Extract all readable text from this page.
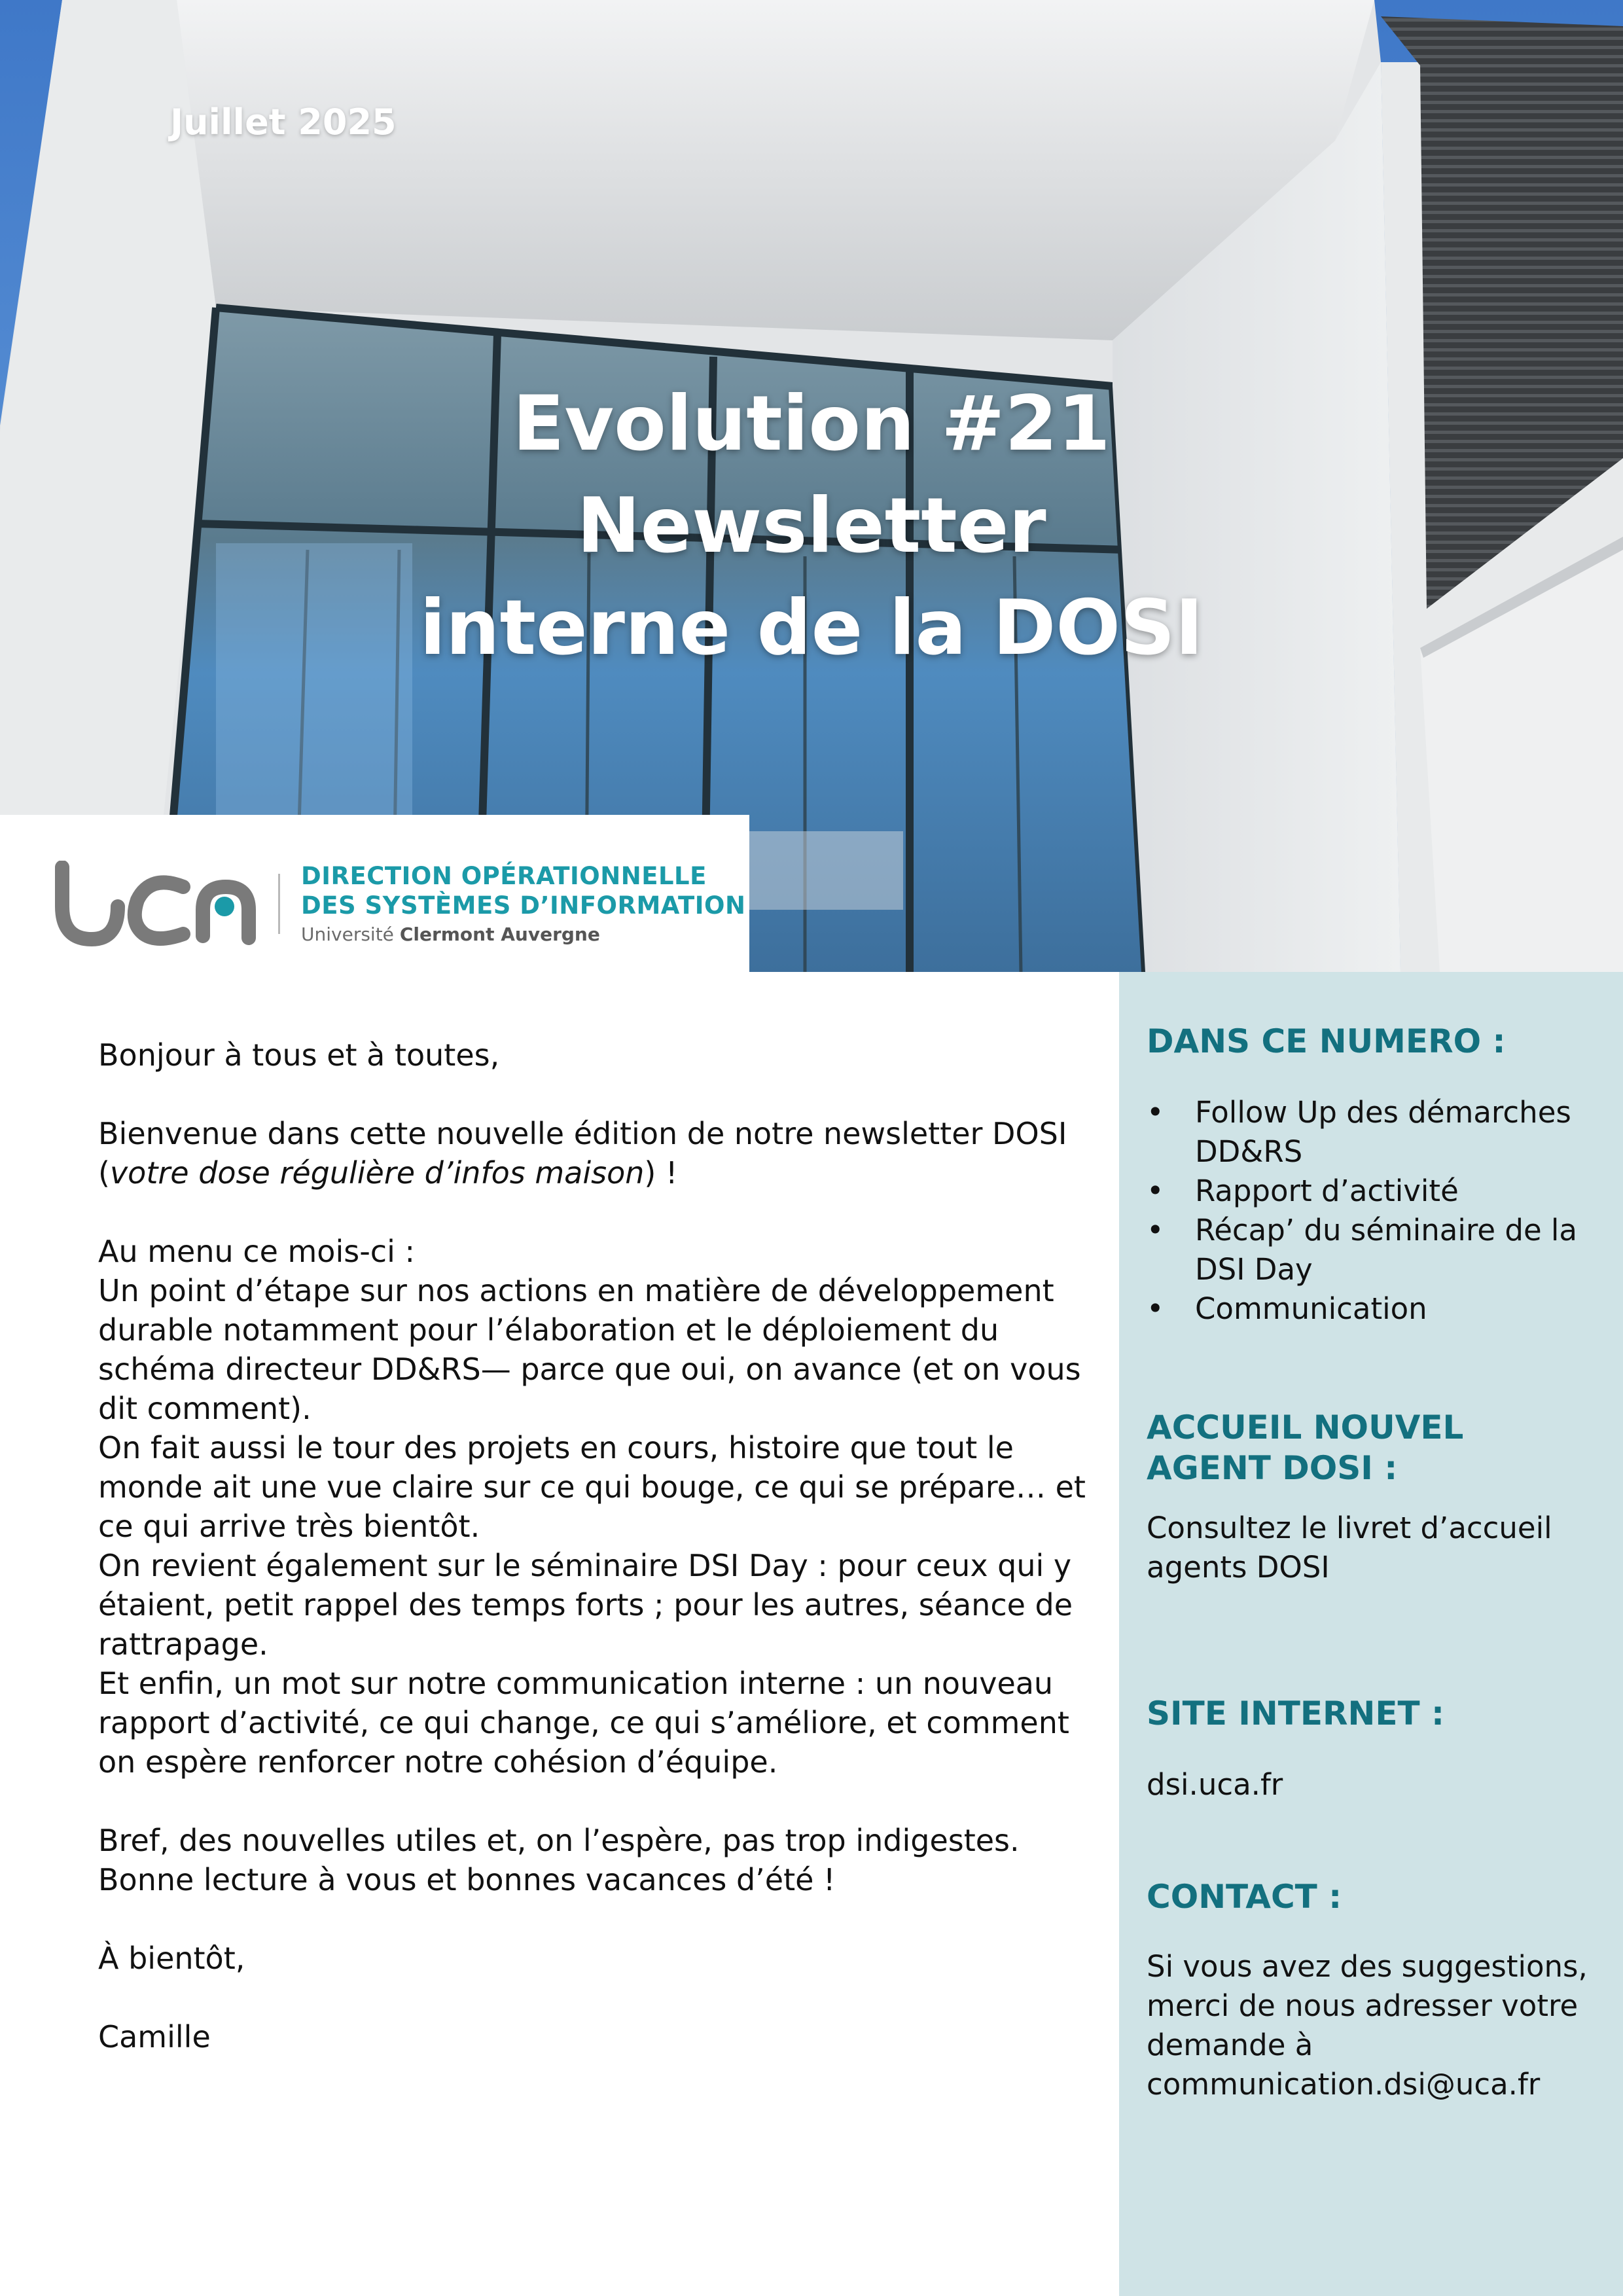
Juillet 2025
Evolution #21
Newsletter
interne de la DOSI
DIRECTION OPÉRATIONNELLE
DES SYSTÈMES D’INFORMATION
Université Clermont Auvergne

Bonjour à tous et à toutes,

Bienvenue dans cette nouvelle édition de notre newsletter DOSI (votre dose régulière d’infos maison) !

Au menu ce mois-ci :

Un point d’étape sur nos actions en matière de développement durable notamment pour l’élaboration et le déploiement du schéma directeur DD&RS— parce que oui, on avance (et on vous dit comment).

On fait aussi le tour des projets en cours, histoire que tout le monde ait une vue claire sur ce qui bouge, ce qui se prépare… et ce qui arrive très bientôt.

On revient également sur le séminaire DSI Day : pour ceux qui y étaient, petit rappel des temps forts ; pour les autres, séance de rattrapage.

Et enfin, un mot sur notre communication interne : un nouveau rapport d’activité, ce qui change, ce qui s’améliore, et comment on espère renforcer notre cohésion d’équipe.

Bref, des nouvelles utiles et, on l’espère, pas trop indigestes.

Bonne lecture à vous et bonnes vacances d’été !

À bientôt,

Camille

DANS CE NUMERO :
• Follow Up des démarches DD&RS
• Rapport d’activité
• Récap’ du séminaire de la DSI Day
• Communication
ACCUEIL NOUVEL
AGENT DOSI :
Consultez le livret d’accueil agents DOSI
SITE INTERNET :
dsi.uca.fr
CONTACT :
Si vous avez des suggestions, merci de nous adresser votre demande à communication.dsi@uca.fr
